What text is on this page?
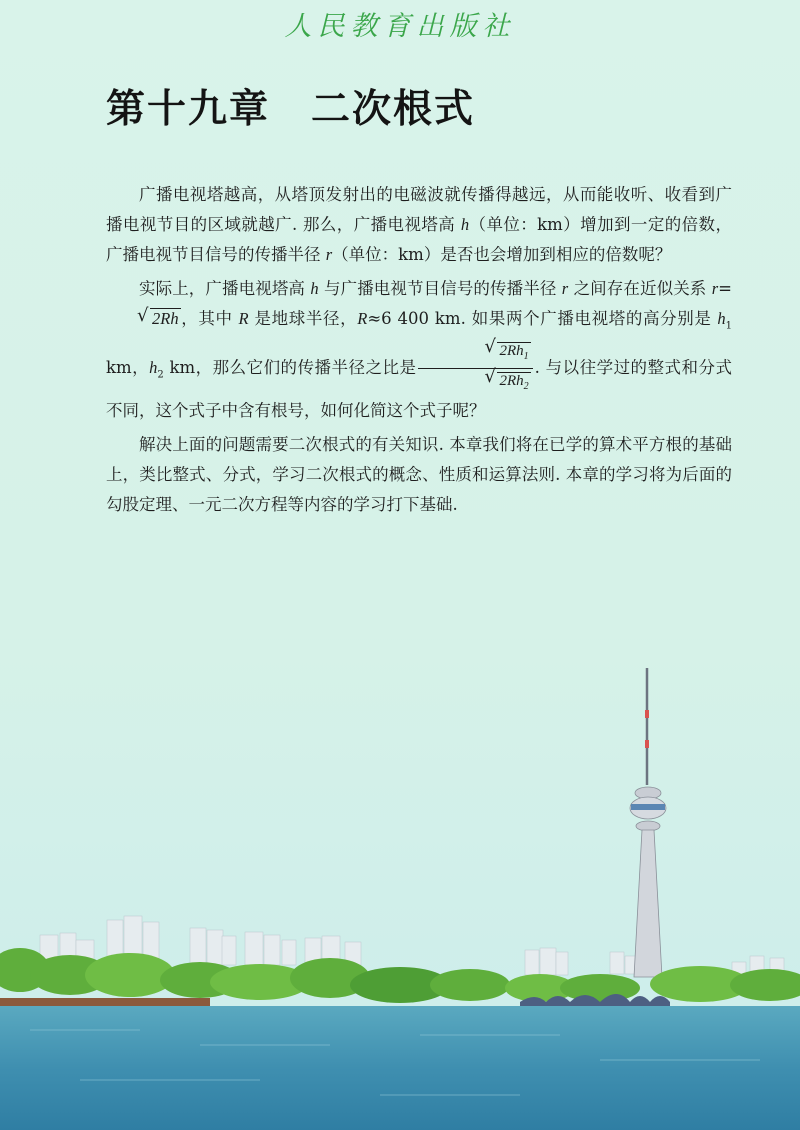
人民教育出版社
第十九章　二次根式

广播电视塔越高，从塔顶发射出的电磁波就传播得越远，从而能收听、收看到广播电视节目的区域就越广. 那么，广播电视塔高 h（单位：km）增加到一定的倍数，广播电视节目信号的传播半径 r（单位：km）是否也会增加到相应的倍数呢？

实际上，广播电视塔高 h 与广播电视节目信号的传播半径 r 之间存在近似关系 r=√ 2Rh ，其中 R 是地球半径，R≈6 400 km. 如果两个广播电视塔的高分别是 $h_1$ km，$h_2$ km，那么它们的传播半径之比是
√ $2Rh_1$
√ $2Rh_2$ . 与以往学过的整式和分式不同，这个式子中含有根号，如何化简这个式子呢？

解决上面的问题需要二次根式的有关知识. 本章我们将在已学的算术平方根的基础上，类比整式、分式，学习二次根式的概念、性质和运算法则. 本章的学习将为后面的勾股定理、一元二次方程等内容的学习打下基础.
